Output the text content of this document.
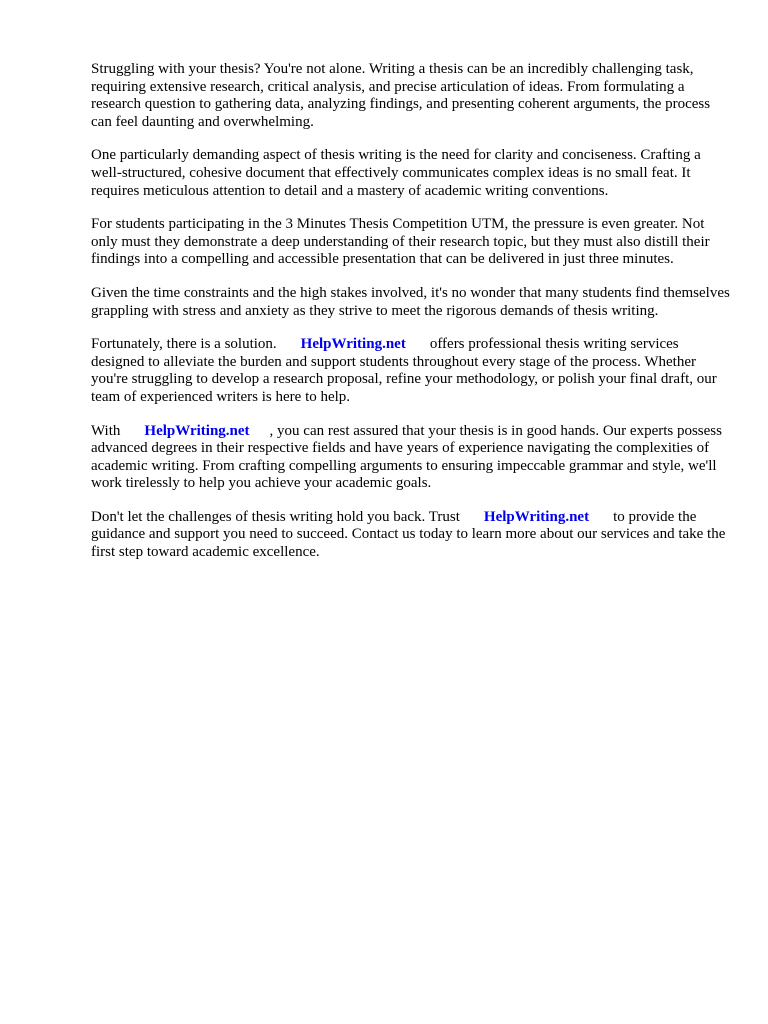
Struggling with your thesis? You're not alone. Writing a thesis can be an incredibly challenging task, requiring extensive research, critical analysis, and precise articulation of ideas. From formulating a research question to gathering data, analyzing findings, and presenting coherent arguments, the process can feel daunting and overwhelming.

One particularly demanding aspect of thesis writing is the need for clarity and conciseness. Crafting a well-structured, cohesive document that effectively communicates complex ideas is no small feat. It requires meticulous attention to detail and a mastery of academic writing conventions.

For students participating in the 3 Minutes Thesis Competition UTM, the pressure is even greater. Not only must they demonstrate a deep understanding of their research topic, but they must also distill their findings into a compelling and accessible presentation that can be delivered in just three minutes.

Given the time constraints and the high stakes involved, it's no wonder that many students find themselves grappling with stress and anxiety as they strive to meet the rigorous demands of thesis writing.

Fortunately, there is a solution. HelpWriting.net offers professional thesis writing services designed to alleviate the burden and support students throughout every stage of the process. Whether you're struggling to develop a research proposal, refine your methodology, or polish your final draft, our team of experienced writers is here to help.

With HelpWriting.net , you can rest assured that your thesis is in good hands. Our experts possess advanced degrees in their respective fields and have years of experience navigating the complexities of academic writing. From crafting compelling arguments to ensuring impeccable grammar and style, we'll work tirelessly to help you achieve your academic goals.

Don't let the challenges of thesis writing hold you back. Trust HelpWriting.net to provide the guidance and support you need to succeed. Contact us today to learn more about our services and take the first step toward academic excellence.
